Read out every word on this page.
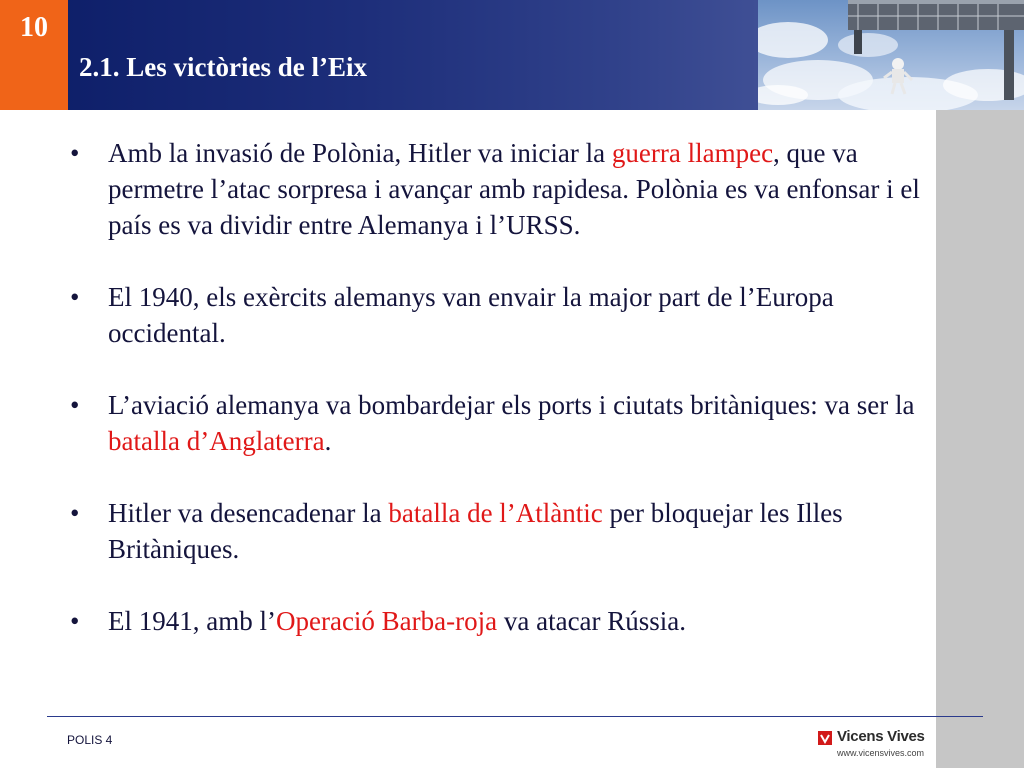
10
2.1. Les victòries de l’Eix
•	Amb la invasió de Polònia, Hitler va iniciar la guerra llampec, que va permetre l’atac sorpresa i avançar amb rapidesa. Polònia es va enfonsar i el país es va dividir entre Alemanya i l’URSS.
•	El 1940, els exèrcits alemanys van envair la major part de l’Europa occidental.
•	L’aviació alemanya va bombardejar els ports i ciutats britàniques: va ser la batalla d’Anglaterra.
•	Hitler va desencadenar la batalla de l’Atlàntic per bloquejar les Illes Britàniques.
•	El 1941, amb l’Operació Barba-roja va atacar Rússia.
POLIS 4	Vicens Vives
www.vicensvives.com
